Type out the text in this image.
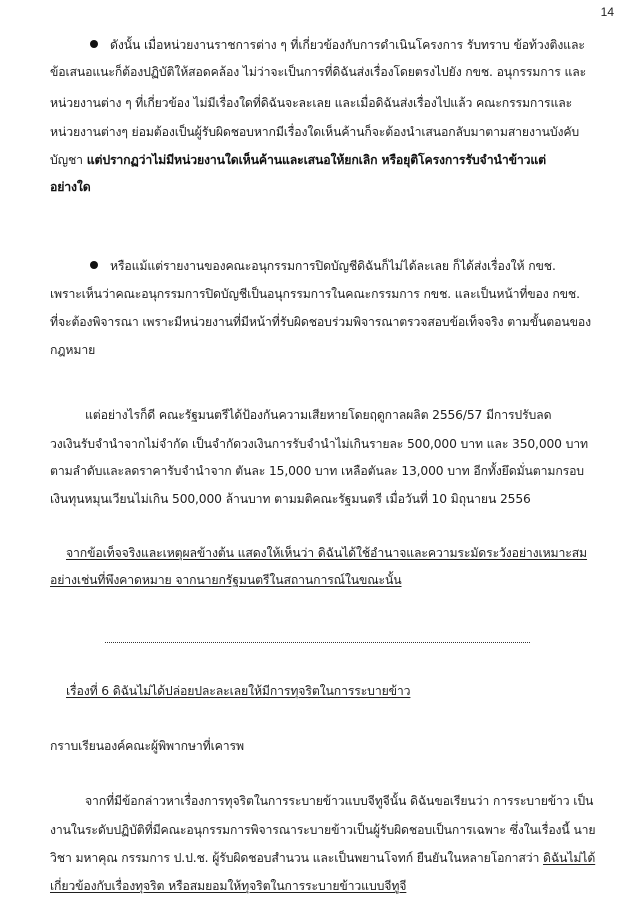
14
ดังนั้น เมื่อหน่วยงานราชการต่าง ๆ ที่เกี่ยวข้องกับการดำเนินโครงการ รับทราบ ข้อท้วงติงและ
ข้อเสนอแนะก็ต้องปฏิบัติให้สอดคล้อง ไม่ว่าจะเป็นการที่ดิฉันส่งเรื่องโดยตรงไปยัง กขช. อนุกรรมการ และ
หน่วยงานต่าง ๆ ที่เกี่ยวข้อง ไม่มีเรื่องใดที่ดิฉันจะละเลย และเมื่อดิฉันส่งเรื่องไปแล้ว คณะกรรมการและ
หน่วยงานต่างๆ ย่อมต้องเป็นผู้รับผิดชอบหากมีเรื่องใดเห็นค้านก็จะต้องนำเสนอกลับมาตามสายงานบังคับ
บัญชา แต่ปรากฏว่าไม่มีหน่วยงานใดเห็นค้านและเสนอให้ยกเลิก หรือยุติโครงการรับจำนำข้าวแต่
อย่างใด
หรือแม้แต่รายงานของคณะอนุกรรมการปิดบัญชีดิฉันก็ไม่ได้ละเลย ก็ได้ส่งเรื่องให้ กขช.
เพราะเห็นว่าคณะอนุกรรมการปิดบัญชีเป็นอนุกรรมการในคณะกรรมการ กขช. และเป็นหน้าที่ของ กขช.
ที่จะต้องพิจารณา เพราะมีหน่วยงานที่มีหน้าที่รับผิดชอบร่วมพิจารณาตรวจสอบข้อเท็จจริง ตามขั้นตอนของ
กฎหมาย
แต่อย่างไรก็ดี คณะรัฐมนตรีได้ป้องกันความเสียหายโดยฤดูกาลผลิต 2556/57 มีการปรับลด
วงเงินรับจำนำจากไม่จำกัด เป็นจำกัดวงเงินการรับจำนำไม่เกินรายละ 500,000 บาท และ 350,000 บาท
ตามลำดับและลดราคารับจำนำจาก ตันละ 15,000 บาท เหลือตันละ 13,000 บาท อีกทั้งยึดมั่นตามกรอบ
เงินทุนหมุนเวียนไม่เกิน 500,000 ล้านบาท ตามมติคณะรัฐมนตรี เมื่อวันที่ 10 มิถุนายน 2556
จากข้อเท็จจริงและเหตุผลข้างต้น แสดงให้เห็นว่า ดิฉันได้ใช้อำนาจและความระมัดระวังอย่างเหมาะสม
อย่างเช่นที่พึงคาดหมาย จากนายกรัฐมนตรีในสถานการณ์ในขณะนั้น
เรื่องที่ 6 ดิฉันไม่ได้ปล่อยปละละเลยให้มีการทุจริตในการระบายข้าว
กราบเรียนองค์คณะผู้พิพากษาที่เคารพ
จากที่มีข้อกล่าวหาเรื่องการทุจริตในการระบายข้าวแบบจีทูจีนั้น ดิฉันขอเรียนว่า การระบายข้าว เป็น
งานในระดับปฏิบัติที่มีคณะอนุกรรมการพิจารณาระบายข้าวเป็นผู้รับผิดชอบเป็นการเฉพาะ ซึ่งในเรื่องนี้ นาย
วิชา มหาคุณ กรรมการ ป.ป.ช. ผู้รับผิดชอบสำนวน และเป็นพยานโจทก์ ยืนยันในหลายโอกาสว่า ดิฉันไม่ได้
เกี่ยวข้องกับเรื่องทุจริต หรือสมยอมให้ทุจริตในการระบายข้าวแบบจีทูจี
